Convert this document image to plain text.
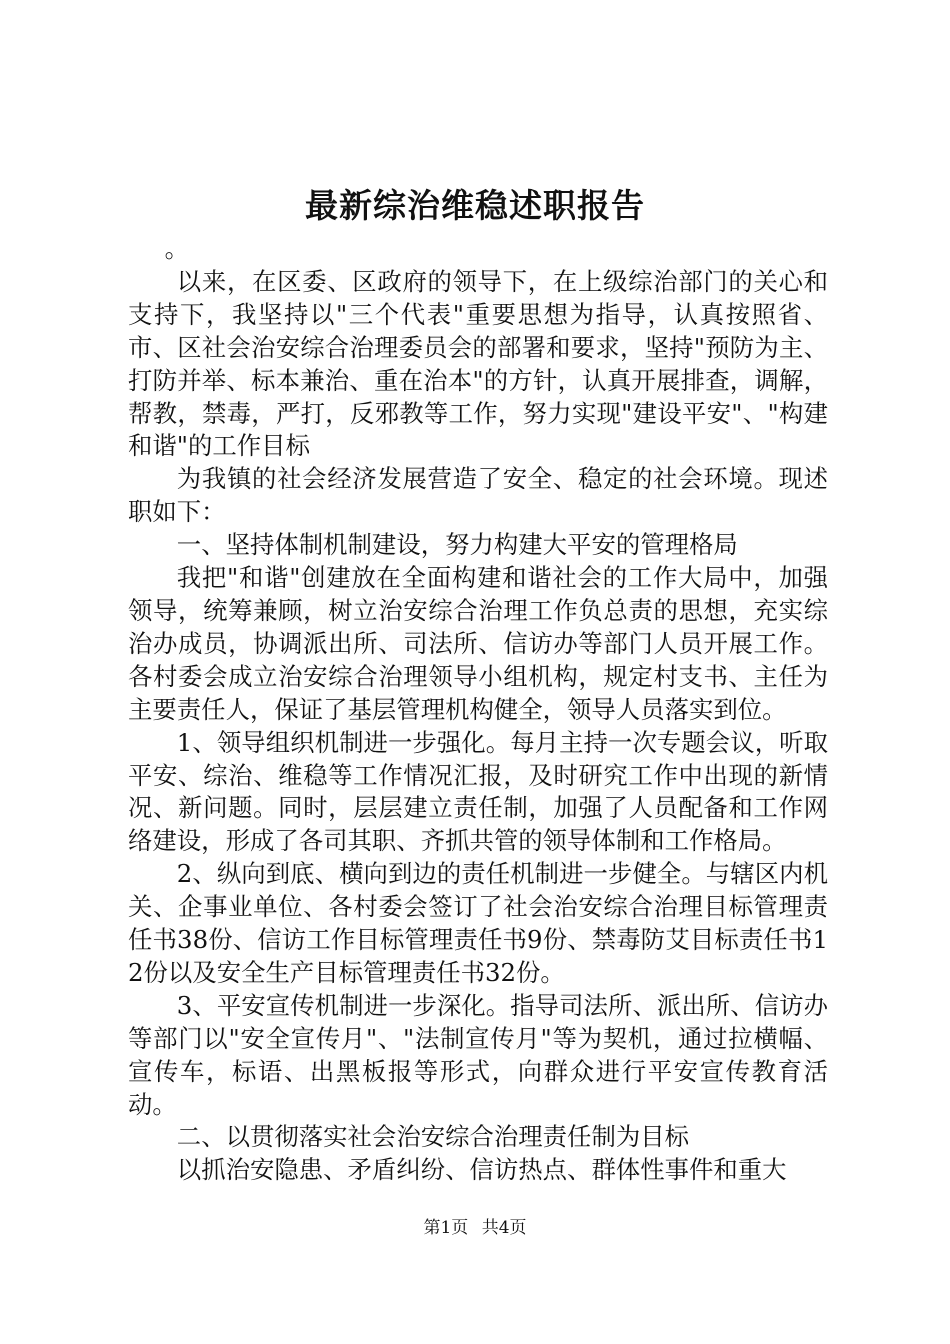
最新综治维稳述职报告

。

以来，在区委、区政府的领导下，在上级综治部门的关心和支持下，我坚持以"三个代表"重要思想为指导，认真按照省、市、区社会治安综合治理委员会的部署和要求，坚持"预防为主、打防并举、标本兼治、重在治本"的方针，认真开展排查，调解，帮教，禁毒，严打，反邪教等工作，努力实现"建设平安"、"构建和谐"的工作目标

为我镇的社会经济发展营造了安全、稳定的社会环境。现述职如下：

一、坚持体制机制建设，努力构建大平安的管理格局

我把"和谐"创建放在全面构建和谐社会的工作大局中，加强领导，统筹兼顾，树立治安综合治理工作负总责的思想，充实综治办成员，协调派出所、司法所、信访办等部门人员开展工作。各村委会成立治安综合治理领导小组机构，规定村支书、主任为主要责任人，保证了基层管理机构健全，领导人员落实到位。

1、领导组织机制进一步强化。每月主持一次专题会议，听取平安、综治、维稳等工作情况汇报，及时研究工作中出现的新情况、新问题。同时，层层建立责任制，加强了人员配备和工作网络建设，形成了各司其职、齐抓共管的领导体制和工作格局。

2、纵向到底、横向到边的责任机制进一步健全。与辖区内机关、企事业单位、各村委会签订了社会治安综合治理目标管理责任书38份、信访工作目标管理责任书9份、禁毒防艾目标责任书12份以及安全生产目标管理责任书32份。

3、平安宣传机制进一步深化。指导司法所、派出所、信访办等部门以"安全宣传月"、"法制宣传月"等为契机，通过拉横幅、宣传车，标语、出黑板报等形式，向群众进行平安宣传教育活动。

二、以贯彻落实社会治安综合治理责任制为目标

以抓治安隐患、矛盾纠纷、信访热点、群体性事件和重大

第1页 共4页
